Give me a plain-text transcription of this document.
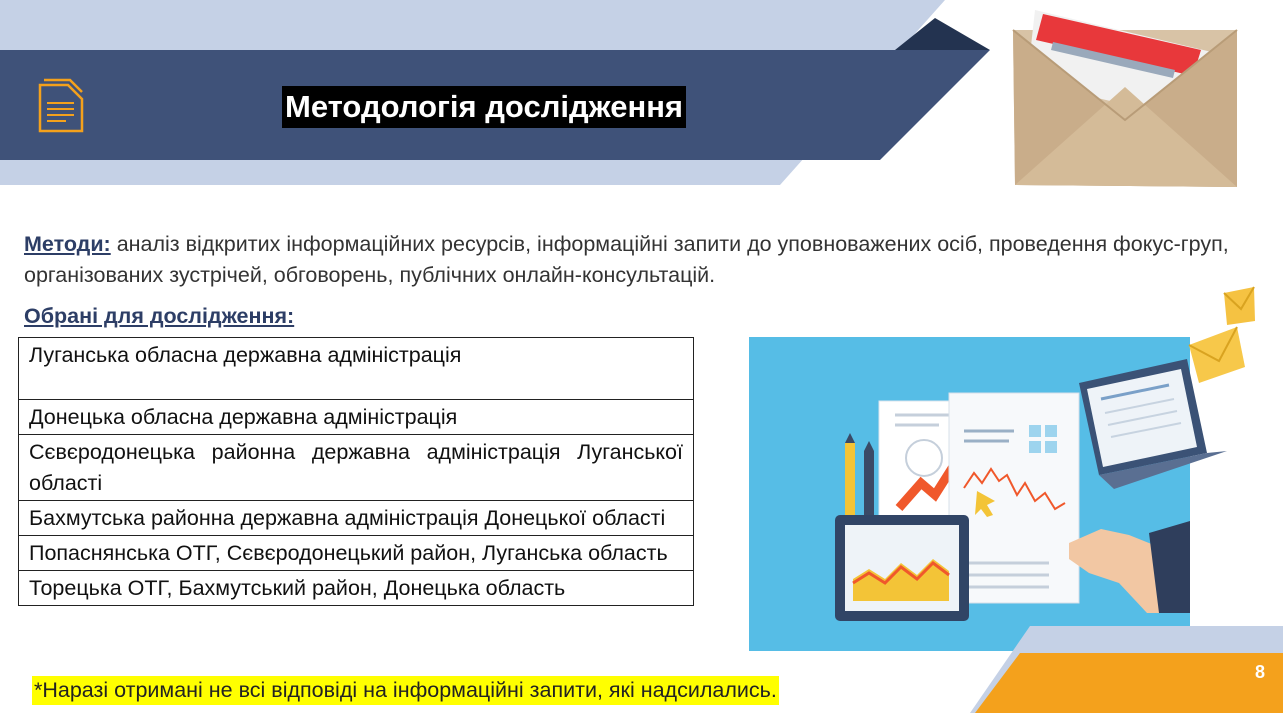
Методологія дослідження
Методи: аналіз відкритих інформаційних ресурсів, інформаційні запити до уповноважених осіб, проведення фокус-груп, організованих зустрічей, обговорень, публічних онлайн-консультацій.
Обрані для дослідження:
Луганська обласна державна адміністрація
Донецька обласна державна адміністрація
Сєвєродонецька районна державна адміністрація Луганської області
Бахмутська районна державна адміністрація Донецької області
Попаснянська ОТГ, Сєвєродонецький район, Луганська область
Торецька ОТГ, Бахмутський район, Донецька область
*Наразі отримані не всі відповіді на інформаційні запити, які надсилались.
8
